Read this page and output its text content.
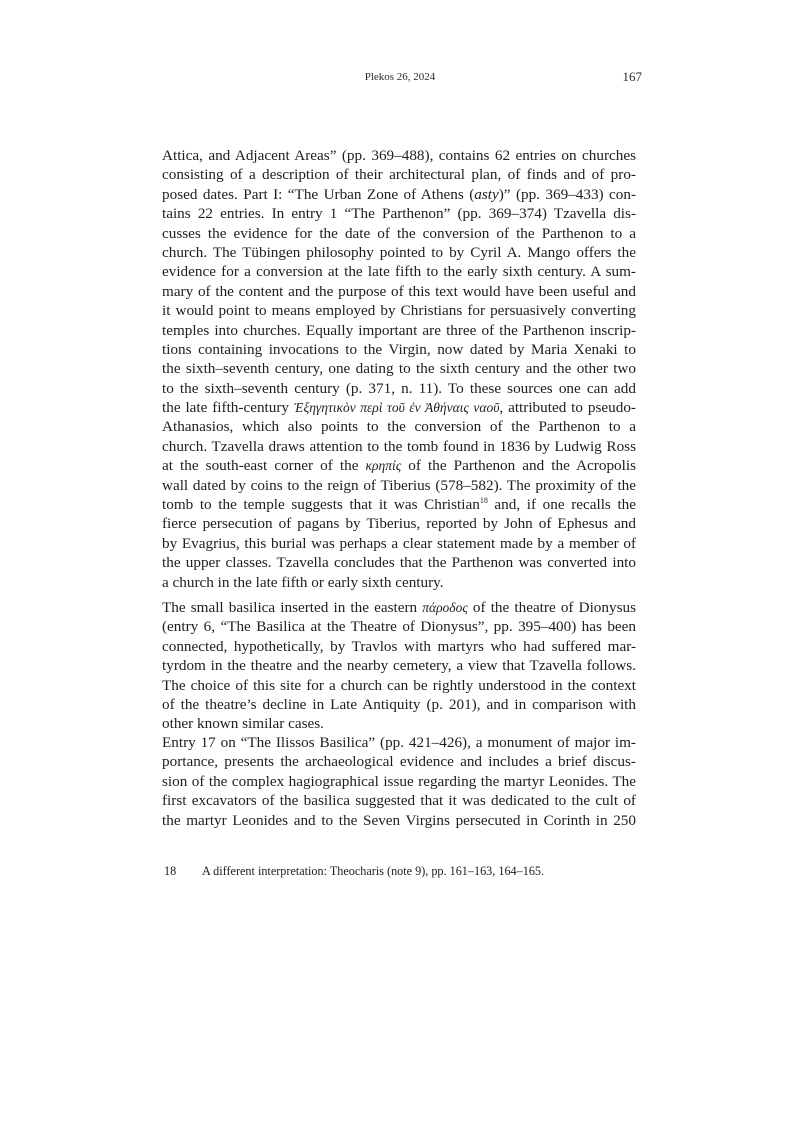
Plekos 26, 2024	167
Attica, and Adjacent Areas” (pp. 369–488), contains 62 entries on churches
consisting of a description of their architectural plan, of finds and of pro-
posed dates. Part I: “The Urban Zone of Athens (asty)” (pp. 369–433) con-
tains 22 entries. In entry 1 “The Parthenon” (pp. 369–374) Tzavella dis-
cusses the evidence for the date of the conversion of the Parthenon to a
church. The Tübingen philosophy pointed to by Cyril A. Mango offers the
evidence for a conversion at the late fifth to the early sixth century. A sum-
mary of the content and the purpose of this text would have been useful and
it would point to means employed by Christians for persuasively converting
temples into churches. Equally important are three of the Parthenon inscrip-
tions containing invocations to the Virgin, now dated by Maria Xenaki to
the sixth–seventh century, one dating to the sixth century and the other two
to the sixth–seventh century (p. 371, n. 11). To these sources one can add
the late fifth-century Ἐξηγητικὸν περὶ τοῦ ἐν Ἀθήναις ναοῦ, attributed to pseudo-
Athanasios, which also points to the conversion of the Parthenon to a
church. Tzavella draws attention to the tomb found in 1836 by Ludwig Ross
at the south-east corner of the κρηπίς of the Parthenon and the Acropolis
wall dated by coins to the reign of Tiberius (578–582). The proximity of the
tomb to the temple suggests that it was Christian$^{18}$ and, if one recalls the
fierce persecution of pagans by Tiberius, reported by John of Ephesus and
by Evagrius, this burial was perhaps a clear statement made by a member of
the upper classes. Tzavella concludes that the Parthenon was converted into
a church in the late fifth or early sixth century.
The small basilica inserted in the eastern πάροδος of the theatre of Dionysus
(entry 6, “The Basilica at the Theatre of Dionysus”, pp. 395–400) has been
connected, hypothetically, by Travlos with martyrs who had suffered mar-
tyrdom in the theatre and the nearby cemetery, a view that Tzavella follows.
The choice of this site for a church can be rightly understood in the context
of the theatre’s decline in Late Antiquity (p. 201), and in comparison with
other known similar cases.
Entry 17 on “The Ilissos Basilica” (pp. 421–426), a monument of major im-
portance, presents the archaeological evidence and includes a brief discus-
sion of the complex hagiographical issue regarding the martyr Leonides. The
first excavators of the basilica suggested that it was dedicated to the cult of
the martyr Leonides and to the Seven Virgins persecuted in Corinth in 250
18 A different interpretation: Theocharis (note 9), pp. 161–163, 164–165.
